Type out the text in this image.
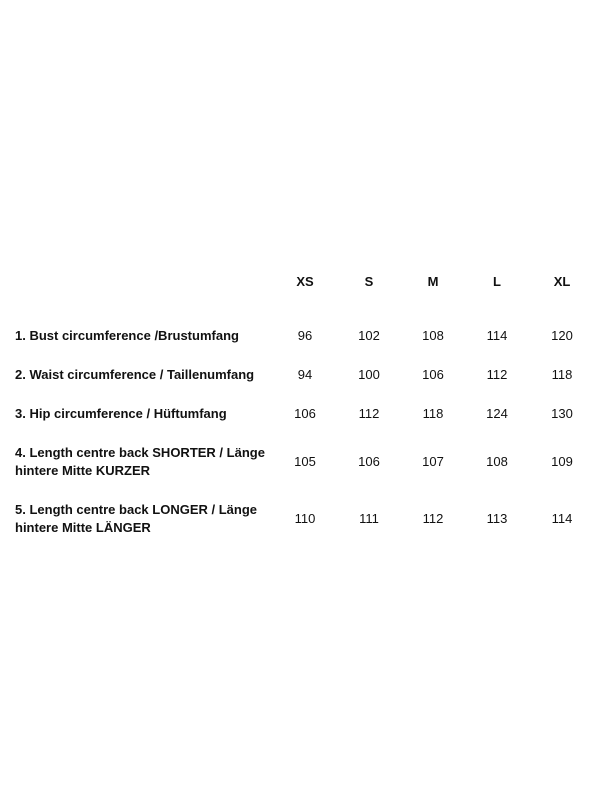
	XS	S	M	L	XL

1. Bust circumference /Brustumfang	96	102	108	114	120
2. Waist circumference / Taillenumfang	94	100	106	112	118
3. Hip circumference / Hüftumfang	106	112	118	124	130
4. Length centre back SHORTER / Länge hintere Mitte KURZER	105	106	107	108	109
5. Length centre back LONGER / Länge hintere Mitte LÄNGER	110	111	112	113	114
